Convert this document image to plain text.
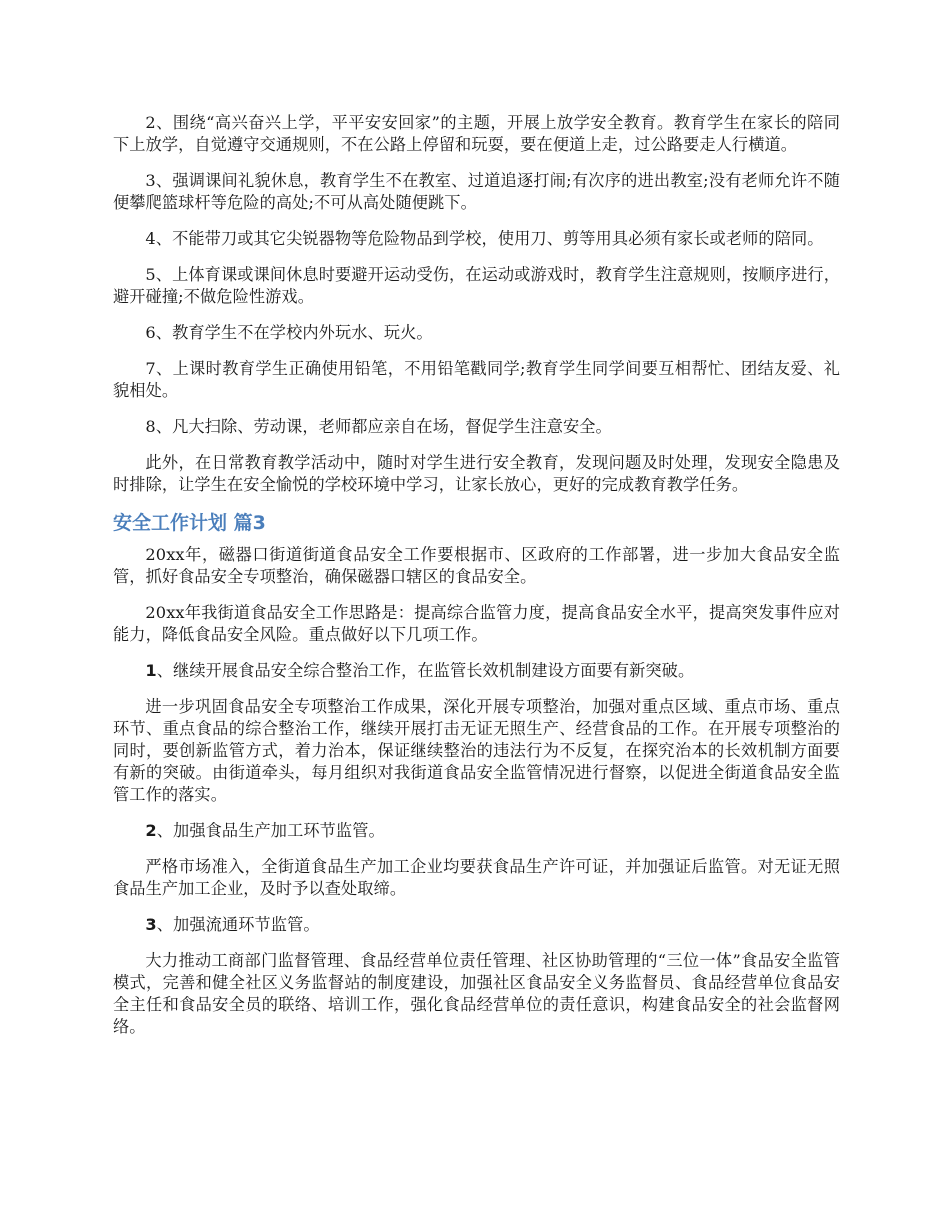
2、围绕“高兴奋兴上学，平平安安回家”的主题，开展上放学安全教育。教育学生在家长的陪同下上放学，自觉遵守交通规则，不在公路上停留和玩耍，要在便道上走，过公路要走人行横道。

3、强调课间礼貌休息，教育学生不在教室、过道追逐打闹;有次序的进出教室;没有老师允许不随便攀爬篮球杆等危险的高处;不可从高处随便跳下。

4、不能带刀或其它尖锐器物等危险物品到学校，使用刀、剪等用具必须有家长或老师的陪同。

5、上体育课或课间休息时要避开运动受伤，在运动或游戏时，教育学生注意规则，按顺序进行，避开碰撞;不做危险性游戏。

6、教育学生不在学校内外玩水、玩火。

7、上课时教育学生正确使用铅笔，不用铅笔戳同学;教育学生同学间要互相帮忙、团结友爱、礼貌相处。

8、凡大扫除、劳动课，老师都应亲自在场，督促学生注意安全。

此外，在日常教育教学活动中，随时对学生进行安全教育，发现问题及时处理，发现安全隐患及时排除，让学生在安全愉悦的学校环境中学习，让家长放心，更好的完成教育教学任务。

安全工作计划 篇3

20xx年，磁器口街道街道食品安全工作要根据市、区政府的工作部署，进一步加大食品安全监管，抓好食品安全专项整治，确保磁器口辖区的食品安全。

20xx年我街道食品安全工作思路是：提高综合监管力度，提高食品安全水平，提高突发事件应对能力，降低食品安全风险。重点做好以下几项工作。

1、继续开展食品安全综合整治工作，在监管长效机制建设方面要有新突破。

进一步巩固食品安全专项整治工作成果，深化开展专项整治，加强对重点区域、重点市场、重点环节、重点食品的综合整治工作，继续开展打击无证无照生产、经营食品的工作。在开展专项整治的同时，要创新监管方式，着力治本，保证继续整治的违法行为不反复，在探究治本的长效机制方面要有新的突破。由街道牵头，每月组织对我街道食品安全监管情况进行督察，以促进全街道食品安全监管工作的落实。

2、加强食品生产加工环节监管。

严格市场准入，全街道食品生产加工企业均要获食品生产许可证，并加强证后监管。对无证无照食品生产加工企业，及时予以查处取缔。

3、加强流通环节监管。

大力推动工商部门监督管理、食品经营单位责任管理、社区协助管理的“三位一体”食品安全监管模式，完善和健全社区义务监督站的制度建设，加强社区食品安全义务监督员、食品经营单位食品安全主任和食品安全员的联络、培训工作，强化食品经营单位的责任意识，构建食品安全的社会监督网络。
